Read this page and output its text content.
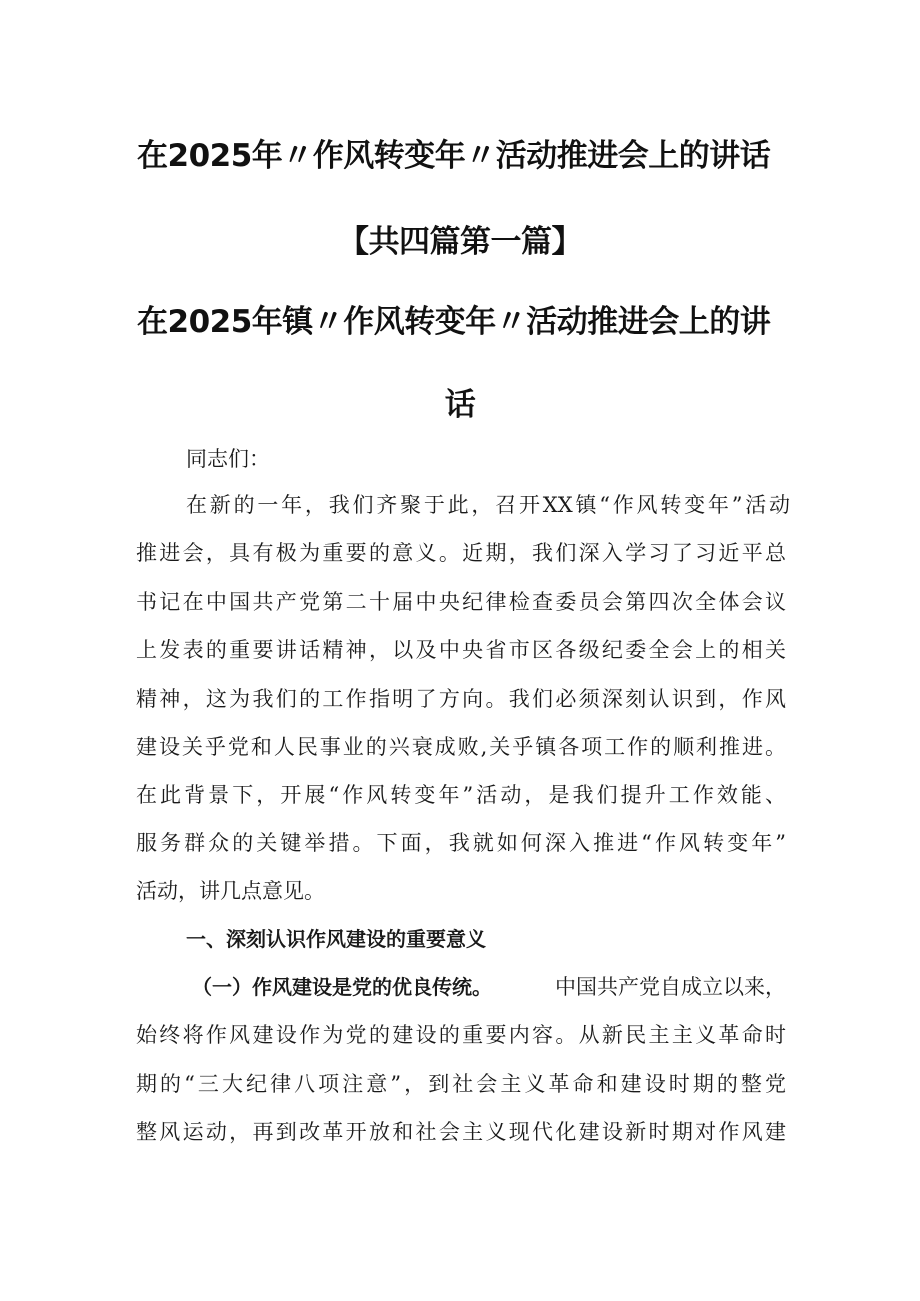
在2025年〃作风转变年〃活动推进会上的讲话
【共四篇第一篇】
在2025年镇〃作风转变年〃活动推进会上的讲
话
同志们：
在新的一年，我们齐聚于此，召开XX镇“作风转变年”活动
推进会，具有极为重要的意义。近期，我们深入学习了习近平总
书记在中国共产党第二十届中央纪律检查委员会第四次全体会议
上发表的重要讲话精神，以及中央省市区各级纪委全会上的相关
精神，这为我们的工作指明了方向。我们必须深刻认识到，作风
建设关乎党和人民事业的兴衰成败,关乎镇各项工作的顺利推进。
在此背景下，开展“作风转变年”活动，是我们提升工作效能、
服务群众的关键举措。下面，我就如何深入推进“作风转变年”
活动，讲几点意见。
一、深刻认识作风建设的重要意义
（一）作风建设是党的优良传统。	中国共产党自成立以来，
始终将作风建设作为党的建设的重要内容。从新民主主义革命时
期的“三大纪律八项注意”，到社会主义革命和建设时期的整党
整风运动，再到改革开放和社会主义现代化建设新时期对作风建
